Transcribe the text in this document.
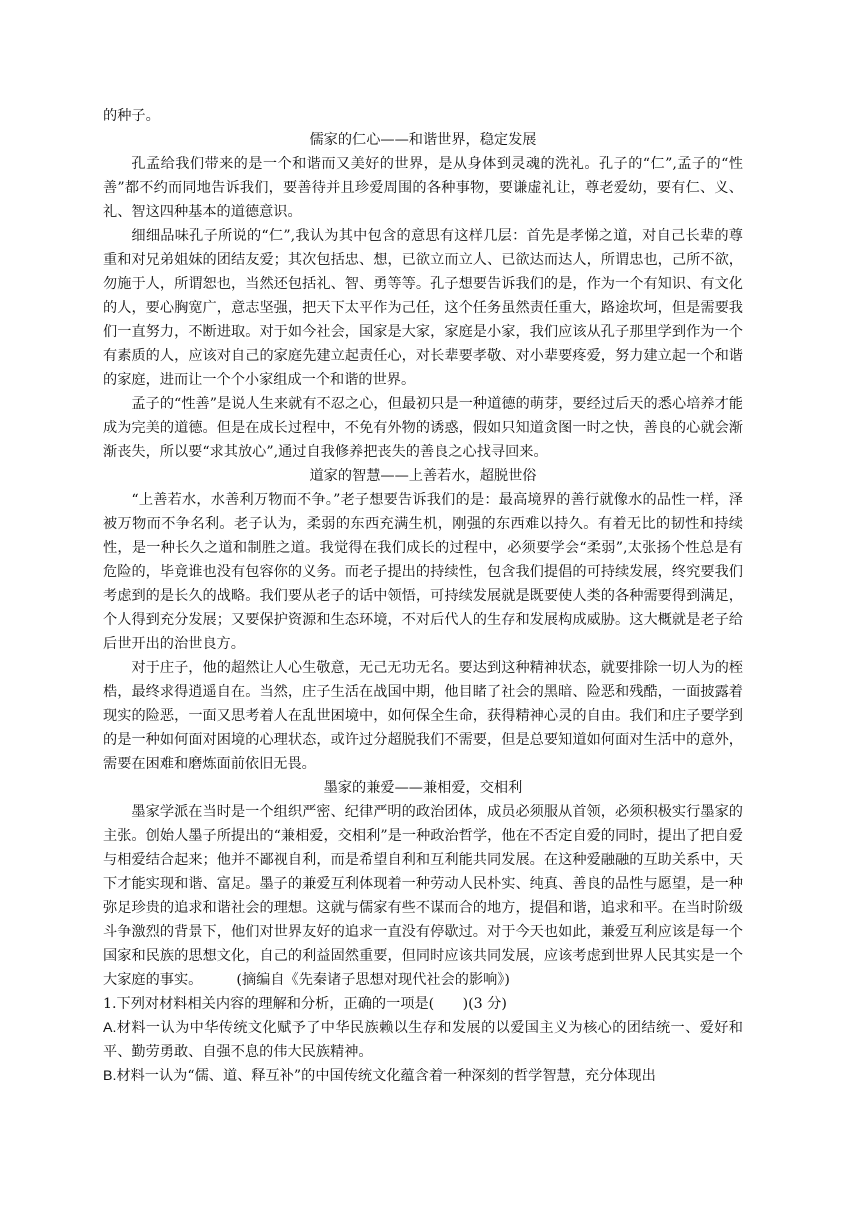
的种子。
儒家的仁心——和谐世界，稳定发展

孔孟给我们带来的是一个和谐而又美好的世界，是从身体到灵魂的洗礼。孔子的“仁”,孟子的“性善”都不约而同地告诉我们，要善待并且珍爱周围的各种事物，要谦虚礼让，尊老爱幼，要有仁、义、礼、智这四种基本的道德意识。

细细品味孔子所说的“仁”,我认为其中包含的意思有这样几层：首先是孝悌之道，对自己长辈的尊重和对兄弟姐妹的团结友爱；其次包括忠、想，已欲立而立人、已欲达而达人，所谓忠也，己所不欲，勿施于人，所谓恕也，当然还包括礼、智、勇等等。孔子想要告诉我们的是，作为一个有知识、有文化的人，要心胸宽广，意志坚强，把天下太平作为己任，这个任务虽然责任重大，路途坎坷，但是需要我们一直努力，不断进取。对于如今社会，国家是大家，家庭是小家，我们应该从孔子那里学到作为一个有素质的人，应该对自己的家庭先建立起责任心，对长辈要孝敬、对小辈要疼爱，努力建立起一个和谐的家庭，进而让一个个小家组成一个和谐的世界。

孟子的“性善”是说人生来就有不忍之心，但最初只是一种道德的萌芽，要经过后天的悉心培养才能成为完美的道德。但是在成长过程中，不免有外物的诱惑，假如只知道贪图一时之快，善良的心就会渐渐丧失，所以要“求其放心”,通过自我修养把丧失的善良之心找寻回来。

道家的智慧——上善若水，超脱世俗

“上善若水，水善利万物而不争。”老子想要告诉我们的是：最高境界的善行就像水的品性一样，泽被万物而不争名利。老子认为，柔弱的东西充满生机，刚强的东西难以持久。有着无比的韧性和持续性，是一种长久之道和制胜之道。我觉得在我们成长的过程中，必须要学会“柔弱”,太张扬个性总是有危险的，毕竟谁也没有包容你的义务。而老子提出的持续性，包含我们提倡的可持续发展，终究要我们考虑到的是长久的战略。我们要从老子的话中领悟，可持续发展就是既要使人类的各种需要得到满足，个人得到充分发展；又要保护资源和生态环境，不对后代人的生存和发展构成威胁。这大概就是老子给后世开出的治世良方。

对于庄子，他的超然让人心生敬意，无己无功无名。要达到这种精神状态，就要排除一切人为的桎梏，最终求得逍遥自在。当然，庄子生活在战国中期，他目睹了社会的黑暗、险恶和残酷，一面披露着现实的险恶，一面又思考着人在乱世困境中，如何保全生命，获得精神心灵的自由。我们和庄子要学到的是一种如何面对困境的心理状态，或许过分超脱我们不需要，但是总要知道如何面对生活中的意外，需要在困难和磨炼面前依旧无畏。

墨家的兼爱——兼相爱，交相利

墨家学派在当时是一个组织严密、纪律严明的政治团体，成员必须服从首领，必须积极实行墨家的主张。创始人墨子所提出的“兼相爱，交相利”是一种政治哲学，他在不否定自爱的同时，提出了把自爱与相爱结合起来；他并不鄙视自利，而是希望自利和互利能共同发展。在这种爱融融的互助关系中，天下才能实现和谐、富足。墨子的兼爱互利体现着一种劳动人民朴实、纯真、善良的品性与愿望，是一种弥足珍贵的追求和谐社会的理想。这就与儒家有些不谋而合的地方，提倡和谐，追求和平。在当时阶级斗争激烈的背景下，他们对世界友好的追求一直没有停歇过。对于今天也如此，兼爱互利应该是每一个国家和民族的思想文化，自己的利益固然重要，但同时应该共同发展，应该考虑到世界人民其实是一个大家庭的事实。 (摘编自《先秦诸子思想对现代社会的影响》)

1.下列对材料相关内容的理解和分析，正确的一项是(　　)(3 分)

A.材料一认为中华传统文化赋予了中华民族赖以生存和发展的以爱国主义为核心的团结统一、爱好和平、勤劳勇敢、自强不息的伟大民族精神。

B.材料一认为“儒、道、释互补”的中国传统文化蕴含着一种深刻的哲学智慧，充分体现出
